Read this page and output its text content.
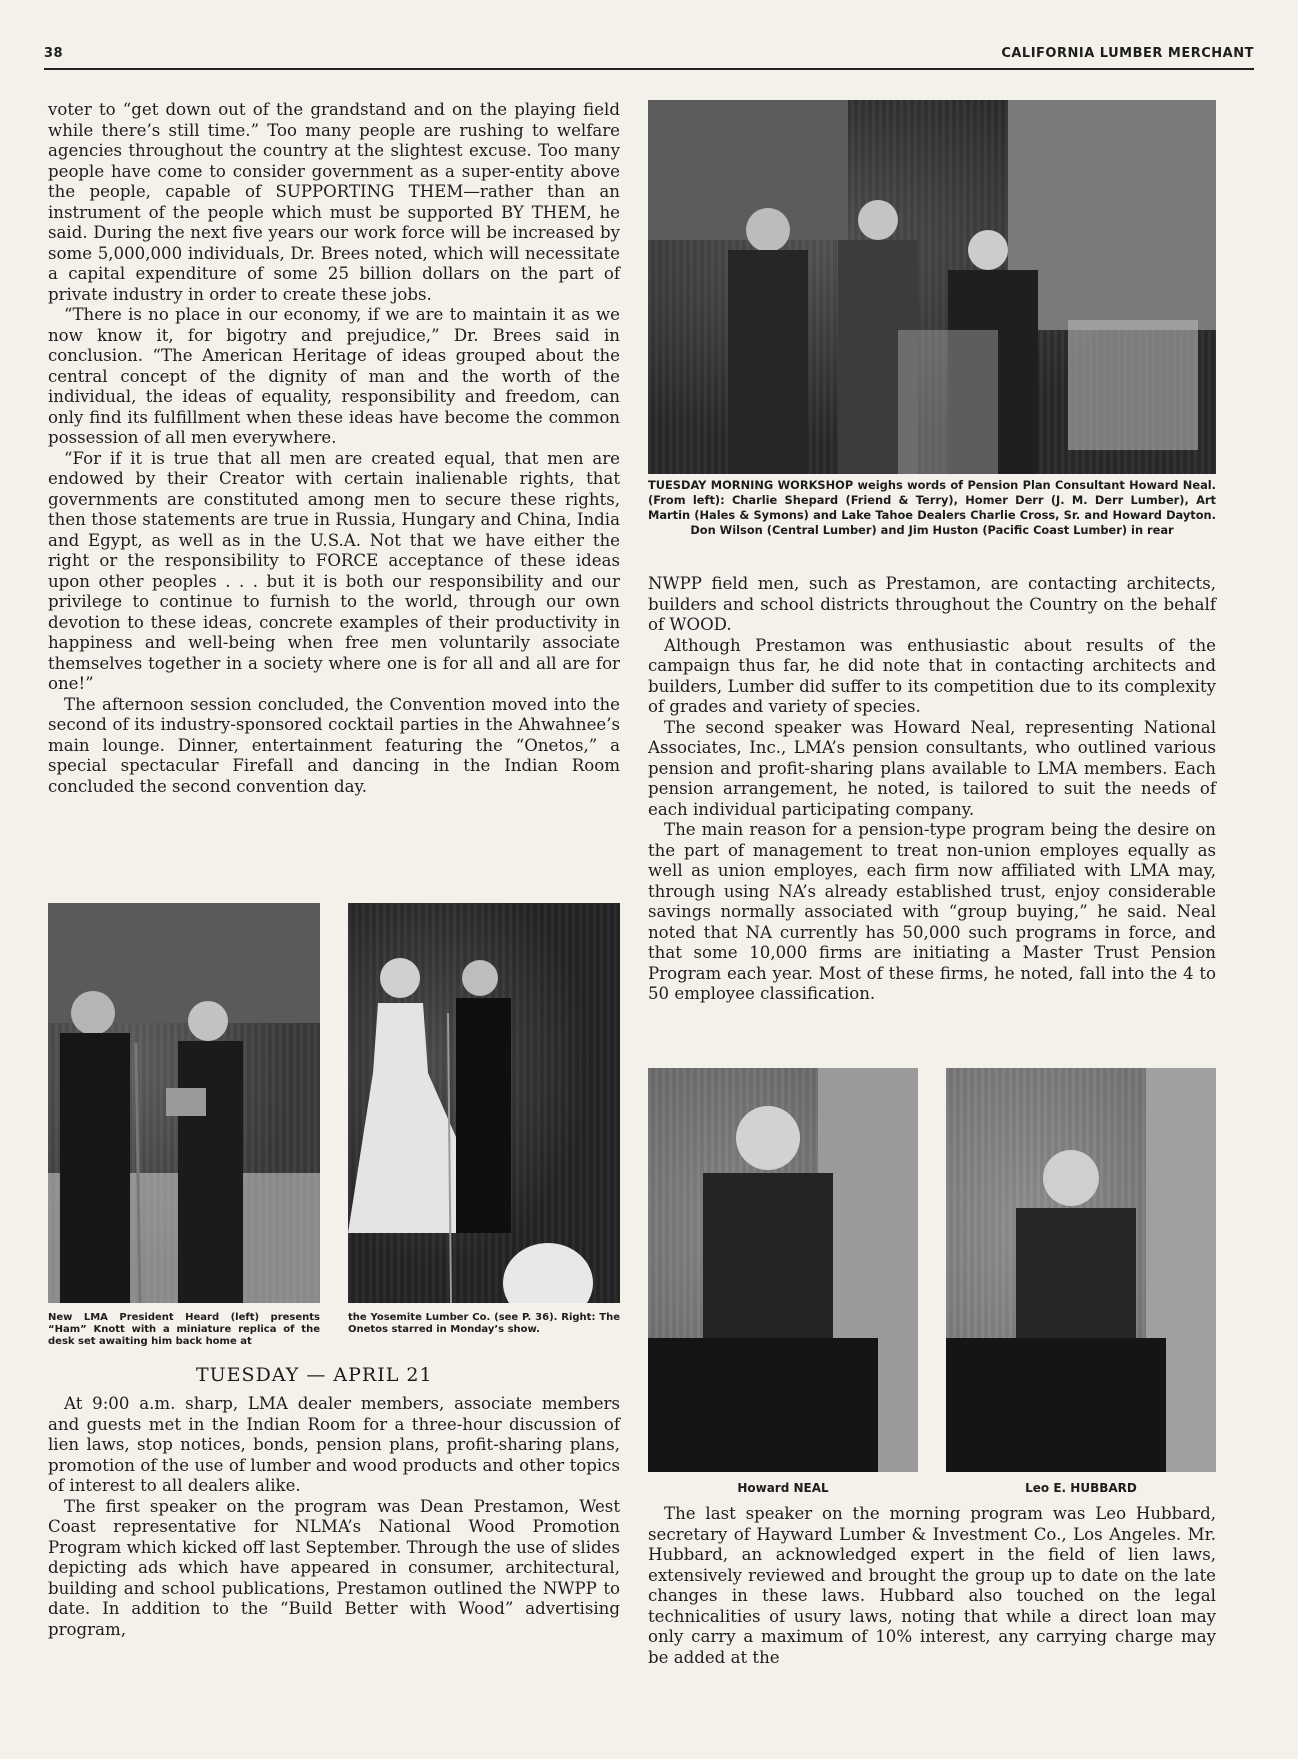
38	CALIFORNIA LUMBER MERCHANT

voter to “get down out of the grandstand and on the playing field while there’s still time.” Too many people are rushing to welfare agencies throughout the country at the slightest excuse. Too many people have come to consider government as a super-entity above the people, capable of SUPPORTING THEM—rather than an instrument of the people which must be supported BY THEM, he said. During the next five years our work force will be increased by some 5,000,000 individuals, Dr. Brees noted, which will necessitate a capital expenditure of some 25 billion dollars on the part of private industry in order to create these jobs.

“There is no place in our economy, if we are to maintain it as we now know it, for bigotry and prejudice,” Dr. Brees said in conclusion. “The American Heritage of ideas grouped about the central concept of the dignity of man and the worth of the individual, the ideas of equality, responsibility and freedom, can only find its fulfillment when these ideas have become the common possession of all men everywhere.

“For if it is true that all men are created equal, that men are endowed by their Creator with certain inalienable rights, that governments are constituted among men to secure these rights, then those statements are true in Russia, Hungary and China, India and Egypt, as well as in the U.S.A. Not that we have either the right or the responsibility to FORCE acceptance of these ideas upon other peoples . . . but it is both our responsibility and our privilege to continue to furnish to the world, through our own devotion to these ideas, concrete examples of their productivity in happiness and well-being when free men voluntarily associate themselves together in a society where one is for all and all are for one!”

The afternoon session concluded, the Convention moved into the second of its industry-sponsored cocktail parties in the Ahwahnee’s main lounge. Dinner, entertainment featuring the “Onetos,” a special spectacular Firefall and dancing in the Indian Room concluded the second convention day.

New LMA President Heard (left) presents “Ham” Knott with a miniature replica of the desk set awaiting him back home at
the Yosemite Lumber Co. (see P. 36). Right: The Onetos starred in Monday’s show.
TUESDAY — APRIL 21

At 9:00 a.m. sharp, LMA dealer members, associate members and guests met in the Indian Room for a three-hour discussion of lien laws, stop notices, bonds, pension plans, profit-sharing plans, promotion of the use of lumber and wood products and other topics of interest to all dealers alike.

The first speaker on the program was Dean Prestamon, West Coast representative for NLMA’s National Wood Promotion Program which kicked off last September. Through the use of slides depicting ads which have appeared in consumer, architectural, building and school publications, Prestamon outlined the NWPP to date. In addition to the “Build Better with Wood” advertising program,

TUESDAY MORNING WORKSHOP weighs words of Pension Plan Consultant Howard Neal. (From left): Charlie Shepard (Friend & Terry), Homer Derr (J. M. Derr Lumber), Art Martin (Hales & Symons) and Lake Tahoe Dealers Charlie Cross, Sr. and Howard Dayton. Don Wilson (Central Lumber) and Jim Huston (Pacific Coast Lumber) in rear

NWPP field men, such as Prestamon, are contacting architects, builders and school districts throughout the Country on the behalf of WOOD.

Although Prestamon was enthusiastic about results of the campaign thus far, he did note that in contacting architects and builders, Lumber did suffer to its competition due to its complexity of grades and variety of species.

The second speaker was Howard Neal, representing National Associates, Inc., LMA’s pension consultants, who outlined various pension and profit-sharing plans available to LMA members. Each pension arrangement, he noted, is tailored to suit the needs of each individual participating company.

The main reason for a pension-type program being the desire on the part of management to treat non-union employes equally as well as union employes, each firm now affiliated with LMA may, through using NA’s already established trust, enjoy considerable savings normally associated with “group buying,” he said. Neal noted that NA currently has 50,000 such programs in force, and that some 10,000 firms are initiating a Master Trust Pension Program each year. Most of these firms, he noted, fall into the 4 to 50 employee classification.

Howard NEAL	Leo E. HUBBARD

The last speaker on the morning program was Leo Hubbard, secretary of Hayward Lumber & Investment Co., Los Angeles. Mr. Hubbard, an acknowledged expert in the field of lien laws, extensively reviewed and brought the group up to date on the late changes in these laws. Hubbard also touched on the legal technicalities of usury laws, noting that while a direct loan may only carry a maximum of 10% interest, any carrying charge may be added at the
